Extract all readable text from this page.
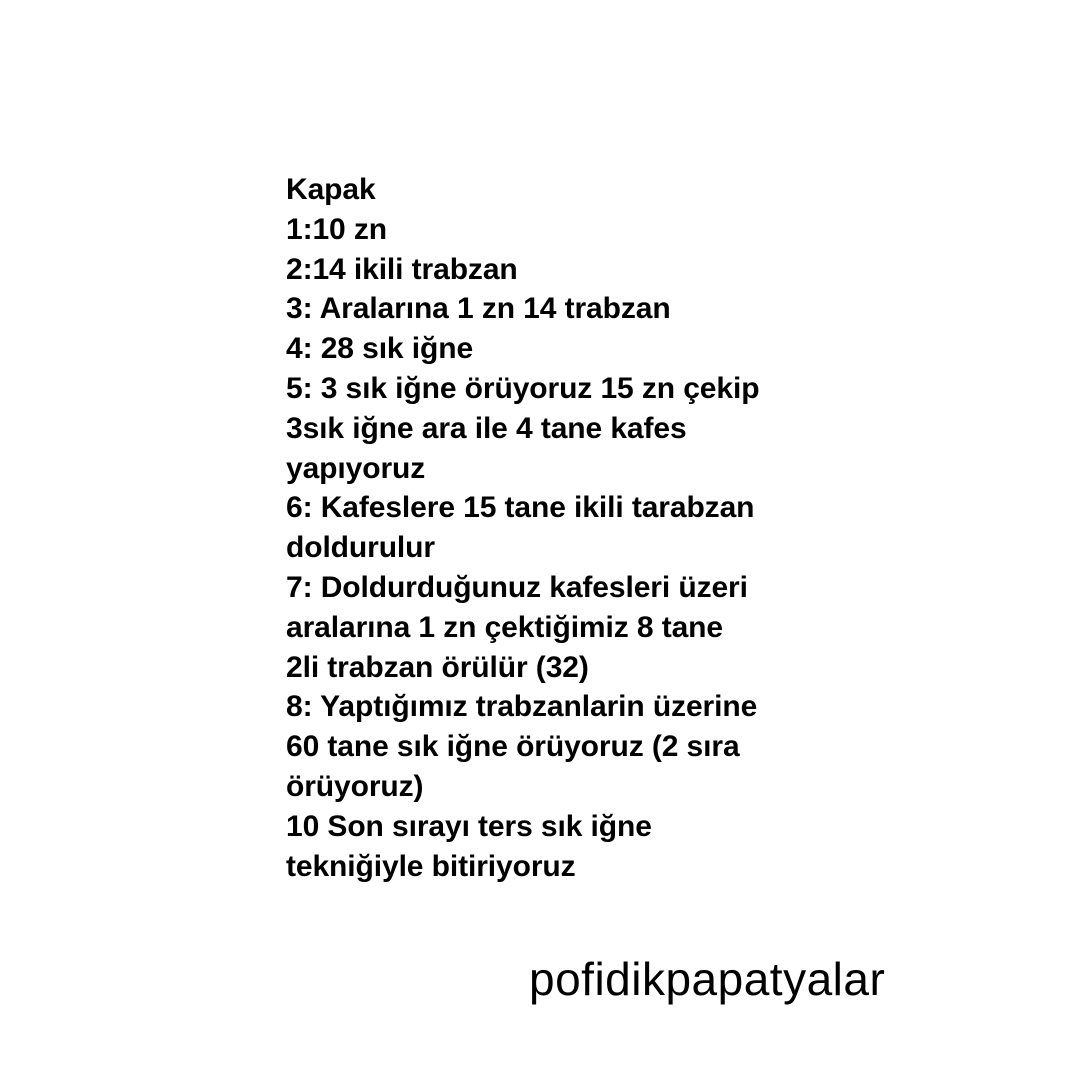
Kapak
1:10 zn
2:14 ikili trabzan
3: Aralarına 1 zn 14 trabzan
4: 28 sık iğne
5: 3 sık iğne örüyoruz 15 zn çekip
3sık iğne ara ile 4 tane kafes
yapıyoruz
6: Kafeslere 15 tane ikili tarabzan
doldurulur
7: Doldurduğunuz kafesleri üzeri
aralarına 1 zn çektiğimiz 8 tane
2li trabzan örülür (32)
8: Yaptığımız trabzanlarin üzerine
60 tane sık iğne örüyoruz (2 sıra
örüyoruz)
10 Son sırayı ters sık iğne
tekniğiyle bitiriyoruz
pofidikpapatyalar
